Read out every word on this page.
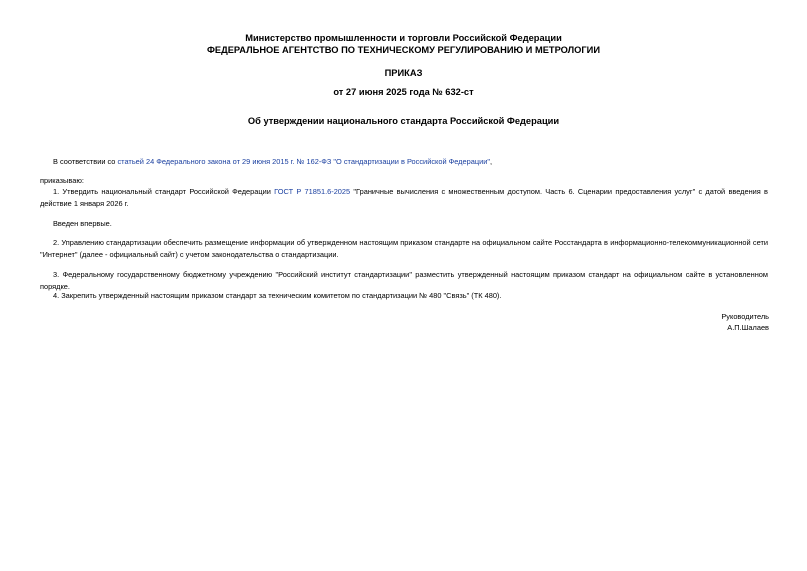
Министерство промышленности и торговли Российской Федерации
ФЕДЕРАЛЬНОЕ АГЕНТСТВО ПО ТЕХНИЧЕСКОМУ РЕГУЛИРОВАНИЮ И МЕТРОЛОГИИ
ПРИКАЗ
от 27 июня 2025 года № 632-ст
Об утверждении национального стандарта Российской Федерации
В соответствии со статьей 24 Федерального закона от 29 июня 2015 г. № 162-ФЗ "О стандартизации в Российской Федерации",
приказываю:
1. Утвердить национальный стандарт Российской Федерации ГОСТ Р 71851.6-2025 "Граничные вычисления с множественным доступом. Часть 6. Сценарии предоставления услуг" с датой введения в действие 1 января 2026 г.
Введен впервые.
2. Управлению стандартизации обеспечить размещение информации об утвержденном настоящим приказом стандарте на официальном сайте Росстандарта в информационно-телекоммуникационной сети "Интернет" (далее - официальный сайт) с учетом законодательства о стандартизации.
3. Федеральному государственному бюджетному учреждению "Российский институт стандартизации" разместить утвержденный настоящим приказом стандарт на официальном сайте в установленном порядке.
4. Закрепить утвержденный настоящим приказом стандарт за техническим комитетом по стандартизации № 480 "Связь" (ТК 480).
Руководитель
А.П.Шалаев
